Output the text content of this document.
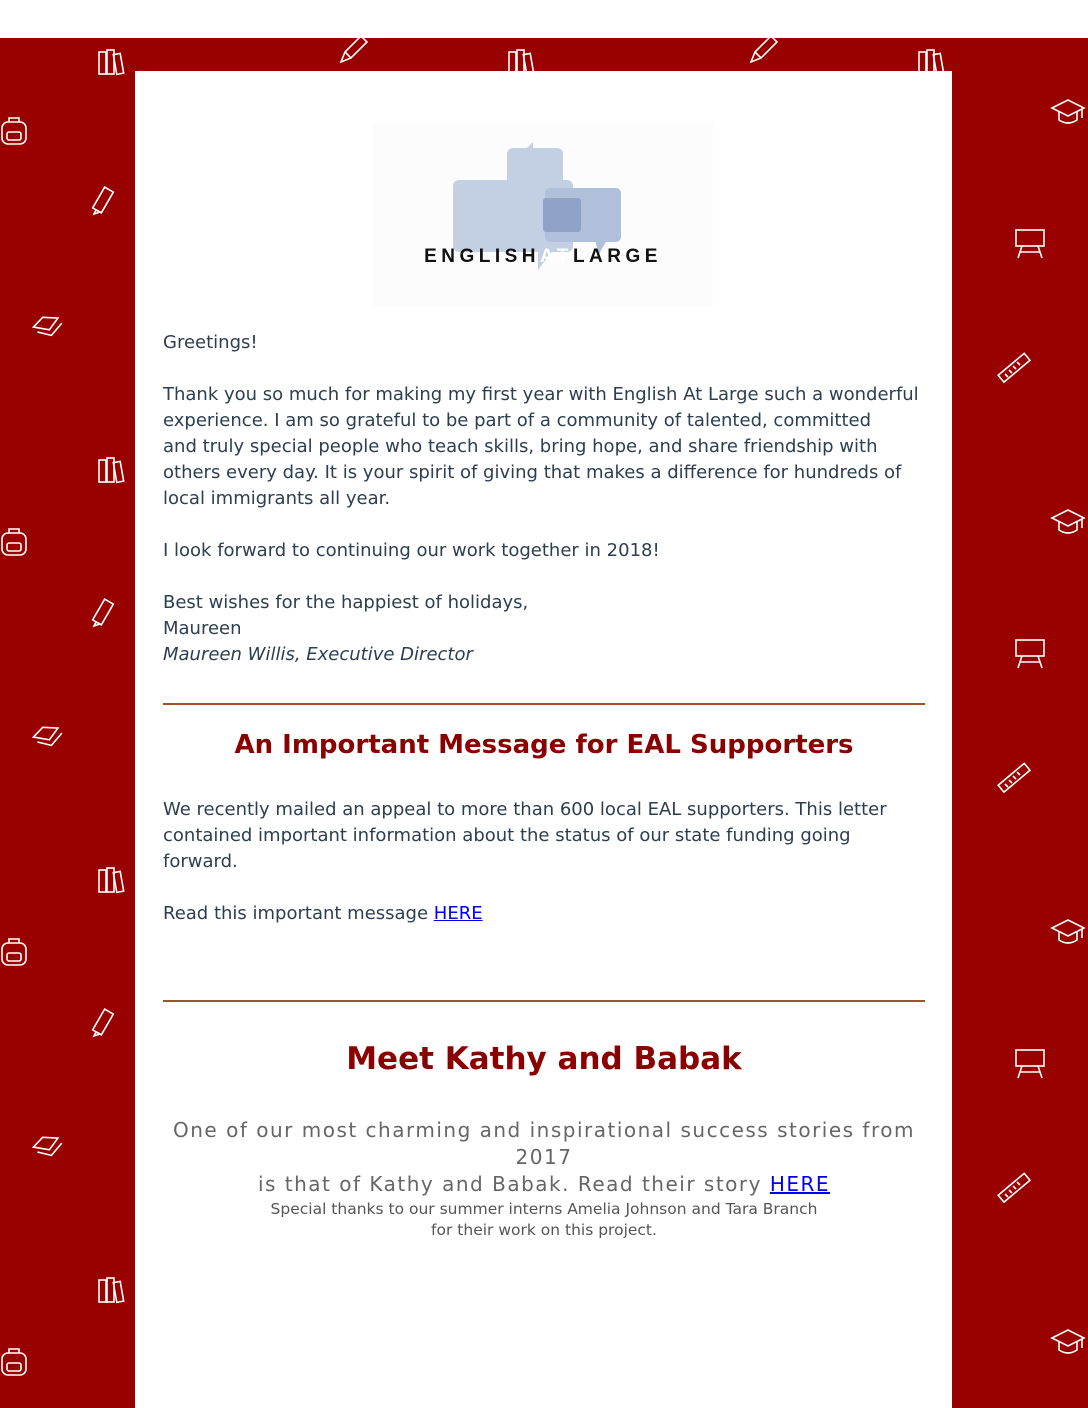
ENGLISHATLARGE

Greetings!

Thank you so much for making my first year with English At Large such a wonderful
experience. I am so grateful to be part of a community of talented, committed
and truly special people who teach skills, bring hope, and share friendship with
others every day. It is your spirit of giving that makes a difference for hundreds of
local immigrants all year.

I look forward to continuing our work together in 2018!

Best wishes for the happiest of holidays,
Maureen
Maureen Willis, Executive Director

An Important Message for EAL Supporters

We recently mailed an appeal to more than 600 local EAL supporters. This letter
contained important information about the status of our state funding going
forward.

Read this important message HERE

Meet Kathy and Babak
One of our most charming and inspirational success stories from 2017
is that of Kathy and Babak. Read their story HERE
Special thanks to our summer interns Amelia Johnson and Tara Branch
for their work on this project.
